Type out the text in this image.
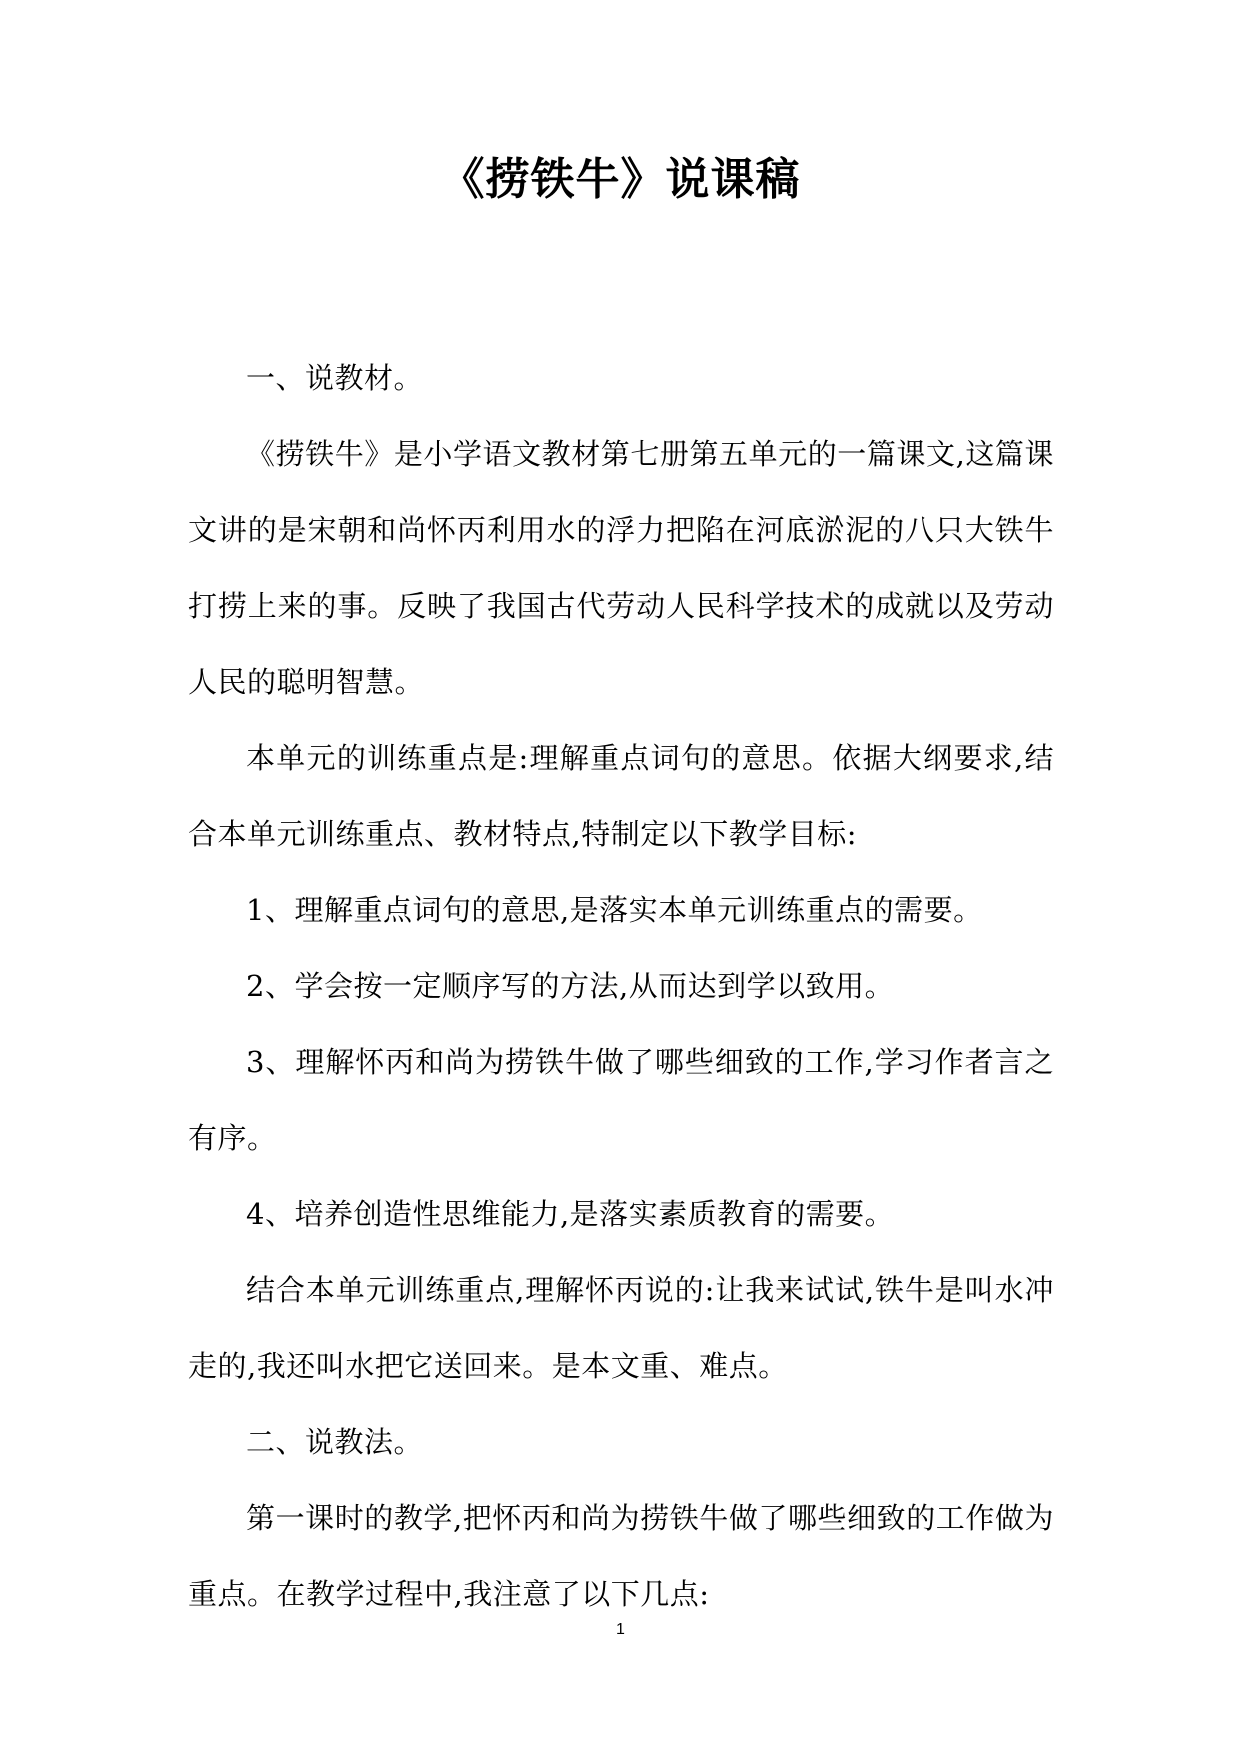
《捞铁牛》说课稿

一、说教材。

《捞铁牛》是小学语文教材第七册第五单元的一篇课文,这篇课文讲的是宋朝和尚怀丙利用水的浮力把陷在河底淤泥的八只大铁牛打捞上来的事。反映了我国古代劳动人民科学技术的成就以及劳动人民的聪明智慧。

本单元的训练重点是:理解重点词句的意思。依据大纲要求,结合本单元训练重点、教材特点,特制定以下教学目标:

1、理解重点词句的意思,是落实本单元训练重点的需要。

2、学会按一定顺序写的方法,从而达到学以致用。

3、理解怀丙和尚为捞铁牛做了哪些细致的工作,学习作者言之有序。

4、培养创造性思维能力,是落实素质教育的需要。

结合本单元训练重点,理解怀丙说的:让我来试试,铁牛是叫水冲走的,我还叫水把它送回来。是本文重、难点。

二、说教法。

第一课时的教学,把怀丙和尚为捞铁牛做了哪些细致的工作做为重点。在教学过程中,我注意了以下几点:

1
